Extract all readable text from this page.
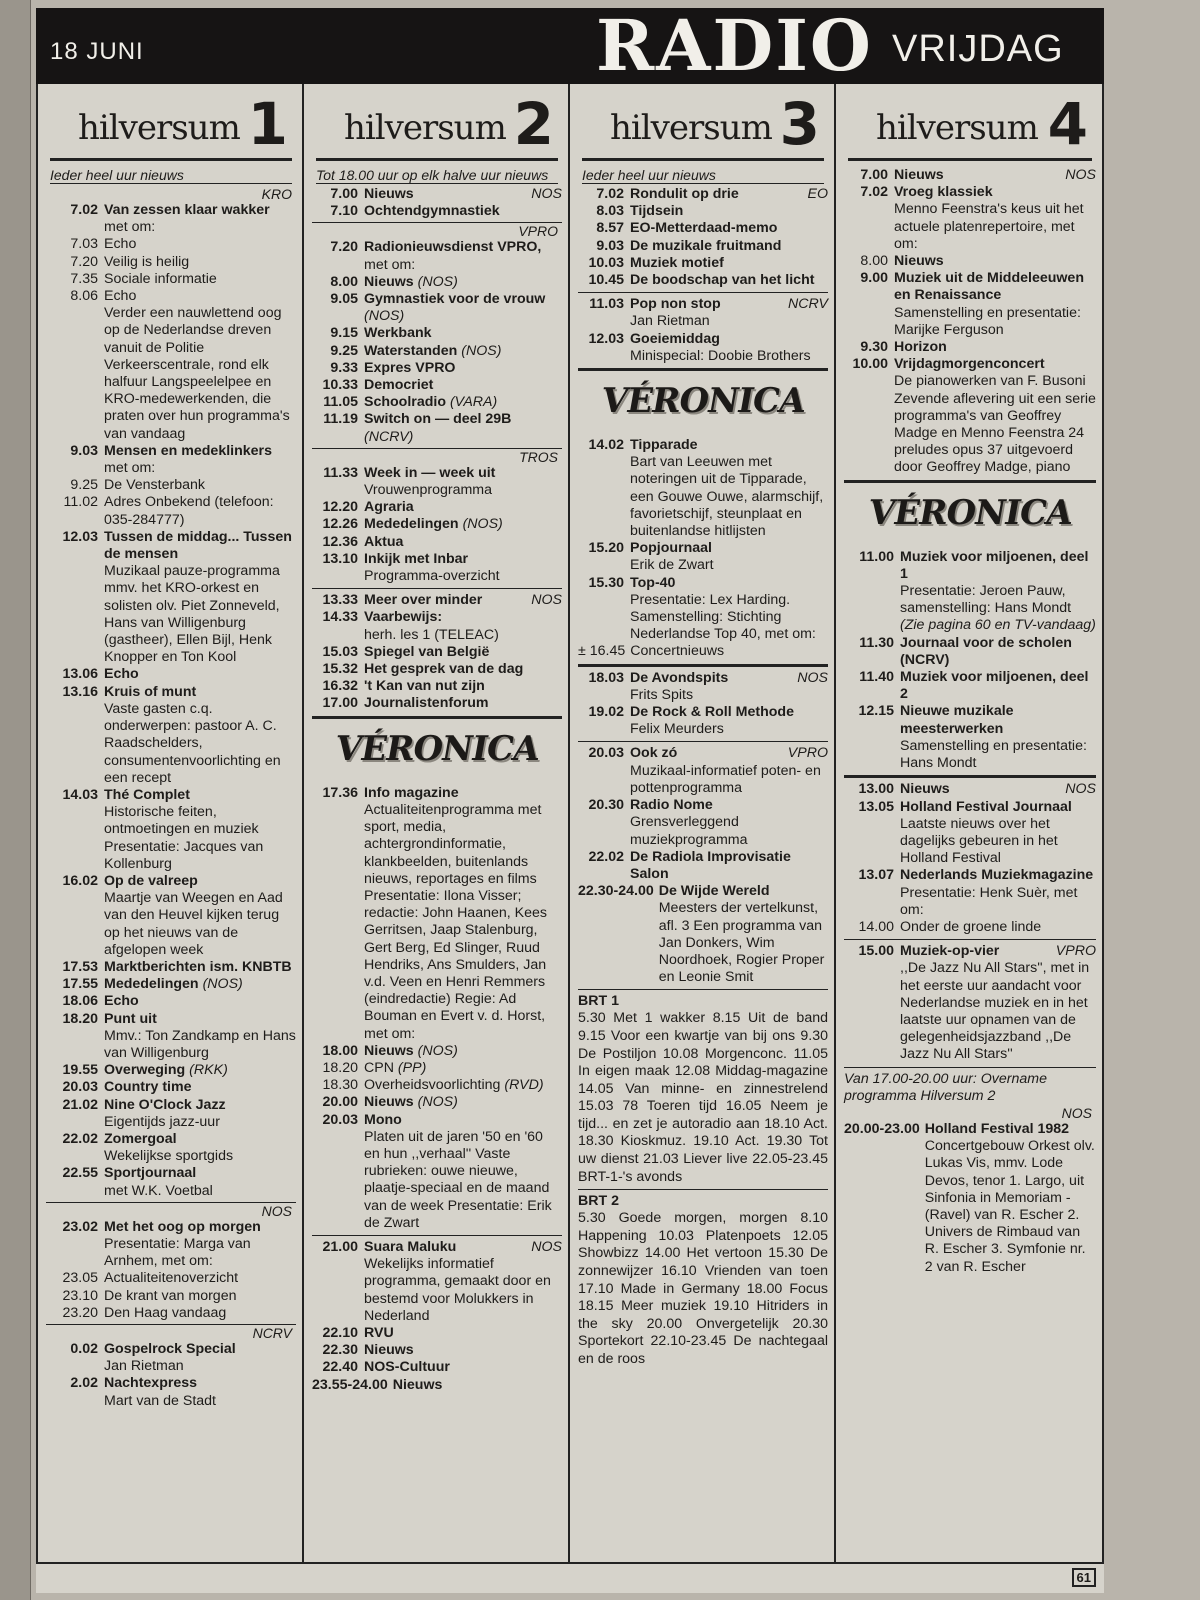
18 JUNI	RADIO VRIJDAG
hilversum 1
Ieder heel uur nieuws
KRO
7.02 Van zessen klaar wakker
met om:
7.03 Echo
7.20 Veilig is heilig
7.35 Sociale informatie
8.06 Echo
Verder een nauwlettend oog op de Nederlandse dreven vanuit de Politie Verkeerscentrale, rond elk halfuur Langspeelelpee en KRO-medewerkenden, die praten over hun programma's van vandaag
9.03 Mensen en medeklinkers
met om:
9.25 De Vensterbank
11.02 Adres Onbekend (telefoon: 035-284777)
12.03 Tussen de middag... Tussen de mensen
Muzikaal pauze-programma mmv. het KRO-orkest en solisten olv. Piet Zonneveld, Hans van Willigenburg (gastheer), Ellen Bijl, Henk Knopper en Ton Kool
13.06 Echo
13.16 Kruis of munt
Vaste gasten c.q. onderwerpen: pastoor A. C. Raadschelders, consumentenvoorlichting en een recept
14.03 Thé Complet
Historische feiten, ontmoetingen en muziek Presentatie: Jacques van Kollenburg
16.02 Op de valreep
Maartje van Weegen en Aad van den Heuvel kijken terug op het nieuws van de afgelopen week
17.53 Marktberichten ism. KNBTB
17.55 Mededelingen (NOS)
18.06 Echo
18.20 Punt uit
Mmv.: Ton Zandkamp en Hans van Willigenburg
19.55 Overweging (RKK)
20.03 Country time
21.02 Nine O'Clock Jazz
Eigentijds jazz-uur
22.02 Zomergoal
Wekelijkse sportgids
22.55 Sportjournaal
met W.K. Voetbal
NOS
23.02 Met het oog op morgen
Presentatie: Marga van Arnhem, met om:
23.05 Actualiteitenoverzicht
23.10 De krant van morgen
23.20 Den Haag vandaag
NCRV
0.02 Gospelrock Special
Jan Rietman
2.02 Nachtexpress
Mart van de Stadt
hilversum 2
Tot 18.00 uur op elk halve uur nieuws
7.00 Nieuws	NOS
7.10 Ochtendgymnastiek
VPRO
7.20 Radionieuwsdienst VPRO,
met om:
8.00 Nieuws (NOS)
9.05 Gymnastiek voor de vrouw (NOS)
9.15 Werkbank
9.25 Waterstanden (NOS)
9.33 Expres VPRO
10.33 Democriet
11.05 Schoolradio (VARA)
11.19 Switch on — deel 29B (NCRV)
TROS
11.33 Week in — week uit
Vrouwenprogramma
12.20 Agraria
12.26 Mededelingen (NOS)
12.36 Aktua
13.10 Inkijk met Inbar
Programma-overzicht
13.33 Meer over minder	NOS
14.33 Vaarbewijs:
herh. les 1 (TELEAC)
15.03 Spiegel van België
15.32 Het gesprek van de dag
16.32 't Kan van nut zijn
17.00 Journalistenforum
VÉRONICA
17.36 Info magazine
Actualiteitenprogramma met sport, media, achtergrondinformatie, klankbeelden, buitenlands nieuws, reportages en films Presentatie: Ilona Visser; redactie: John Haanen, Kees Gerritsen, Jaap Stalenburg, Gert Berg, Ed Slinger, Ruud Hendriks, Ans Smulders, Jan v.d. Veen en Henri Remmers (eindredactie) Regie: Ad Bouman en Evert v. d. Horst, met om:
18.00 Nieuws (NOS)
18.20 CPN (PP)
18.30 Overheidsvoorlichting (RVD)
20.00 Nieuws (NOS)
20.03 Mono
Platen uit de jaren '50 en '60 en hun ,,verhaal'' Vaste rubrieken: ouwe nieuwe, plaatje-speciaal en de maand van de week Presentatie: Erik de Zwart
21.00 Suara Maluku	NOS
Wekelijks informatief programma, gemaakt door en bestemd voor Molukkers in Nederland
22.10 RVU
22.30 Nieuws
22.40 NOS-Cultuur
23.55-24.00 Nieuws
hilversum 3
Ieder heel uur nieuws
7.02 Rondulit op drie	EO
8.03 Tijdsein
8.57 EO-Metterdaad-memo
9.03 De muzikale fruitmand
10.03 Muziek motief
10.45 De boodschap van het licht
11.03 Pop non stop	NCRV
Jan Rietman
12.03 Goeiemiddag
Minispecial: Doobie Brothers
VÉRONICA
14.02 Tipparade
Bart van Leeuwen met noteringen uit de Tipparade, een Gouwe Ouwe, alarmschijf, favorietschijf, steunplaat en buitenlandse hitlijsten
15.20 Popjournaal
Erik de Zwart
15.30 Top-40
Presentatie: Lex Harding. Samenstelling: Stichting Nederlandse Top 40, met om:
± 16.45 Concertnieuws
18.03 De Avondspits	NOS
Frits Spits
19.02 De Rock & Roll Methode
Felix Meurders
20.03 Ook zó	VPRO
Muzikaal-informatief poten- en pottenprogramma
20.30 Radio Nome
Grensverleggend muziekprogramma
22.02 De Radiola Improvisatie Salon
22.30-24.00 De Wijde Wereld
Meesters der vertelkunst, afl. 3 Een programma van Jan Donkers, Wim Noordhoek, Rogier Proper en Leonie Smit
BRT 1
5.30 Met 1 wakker 8.15 Uit de band 9.15 Voor een kwartje van bij ons 9.30 De Postiljon 10.08 Morgenconc. 11.05 In eigen maak 12.08 Middag-magazine 14.05 Van minne- en zinnestrelend 15.03 78 Toeren tijd 16.05 Neem je tijd... en zet je autoradio aan 18.10 Act. 18.30 Kioskmuz. 19.10 Act. 19.30 Tot uw dienst 21.03 Liever live 22.05-23.45 BRT-1-'s avonds
BRT 2
5.30 Goede morgen, morgen 8.10 Happening 10.03 Platenpoets 12.05 Showbizz 14.00 Het vertoon 15.30 De zonnewijzer 16.10 Vrienden van toen 17.10 Made in Germany 18.00 Focus 18.15 Meer muziek 19.10 Hitriders in the sky 20.00 Onvergetelijk 20.30 Sportekort 22.10-23.45 De nachtegaal en de roos
hilversum 4
7.00 Nieuws	NOS
7.02 Vroeg klassiek
Menno Feenstra's keus uit het actuele platenrepertoire, met om:
8.00 Nieuws
9.00 Muziek uit de Middeleeuwen en Renaissance
Samenstelling en presentatie: Marijke Ferguson
9.30 Horizon
10.00 Vrijdagmorgenconcert
De pianowerken van F. Busoni Zevende aflevering uit een serie programma's van Geoffrey Madge en Menno Feenstra 24 preludes opus 37 uitgevoerd door Geoffrey Madge, piano
VÉRONICA
11.00 Muziek voor miljoenen, deel 1
Presentatie: Jeroen Pauw, samenstelling: Hans Mondt
(Zie pagina 60 en TV-vandaag)
11.30 Journaal voor de scholen (NCRV)
11.40 Muziek voor miljoenen, deel 2
12.15 Nieuwe muzikale meesterwerken
Samenstelling en presentatie: Hans Mondt
13.00 Nieuws	NOS
13.05 Holland Festival Journaal
Laatste nieuws over het dagelijks gebeuren in het Holland Festival
13.07 Nederlands Muziekmagazine
Presentatie: Henk Suèr, met om:
14.00 Onder de groene linde
15.00 Muziek-op-vier	VPRO
,,De Jazz Nu All Stars'', met in het eerste uur aandacht voor Nederlandse muziek en in het laatste uur opnamen van de gelegenheidsjazzband ,,De Jazz Nu All Stars''
Van 17.00-20.00 uur: Overname programma Hilversum 2
NOS
20.00-23.00 Holland Festival 1982
Concertgebouw Orkest olv. Lukas Vis, mmv. Lode Devos, tenor 1. Largo, uit Sinfonia in Memoriam - (Ravel) van R. Escher 2. Univers de Rimbaud van R. Escher 3. Symfonie nr. 2 van R. Escher
61
